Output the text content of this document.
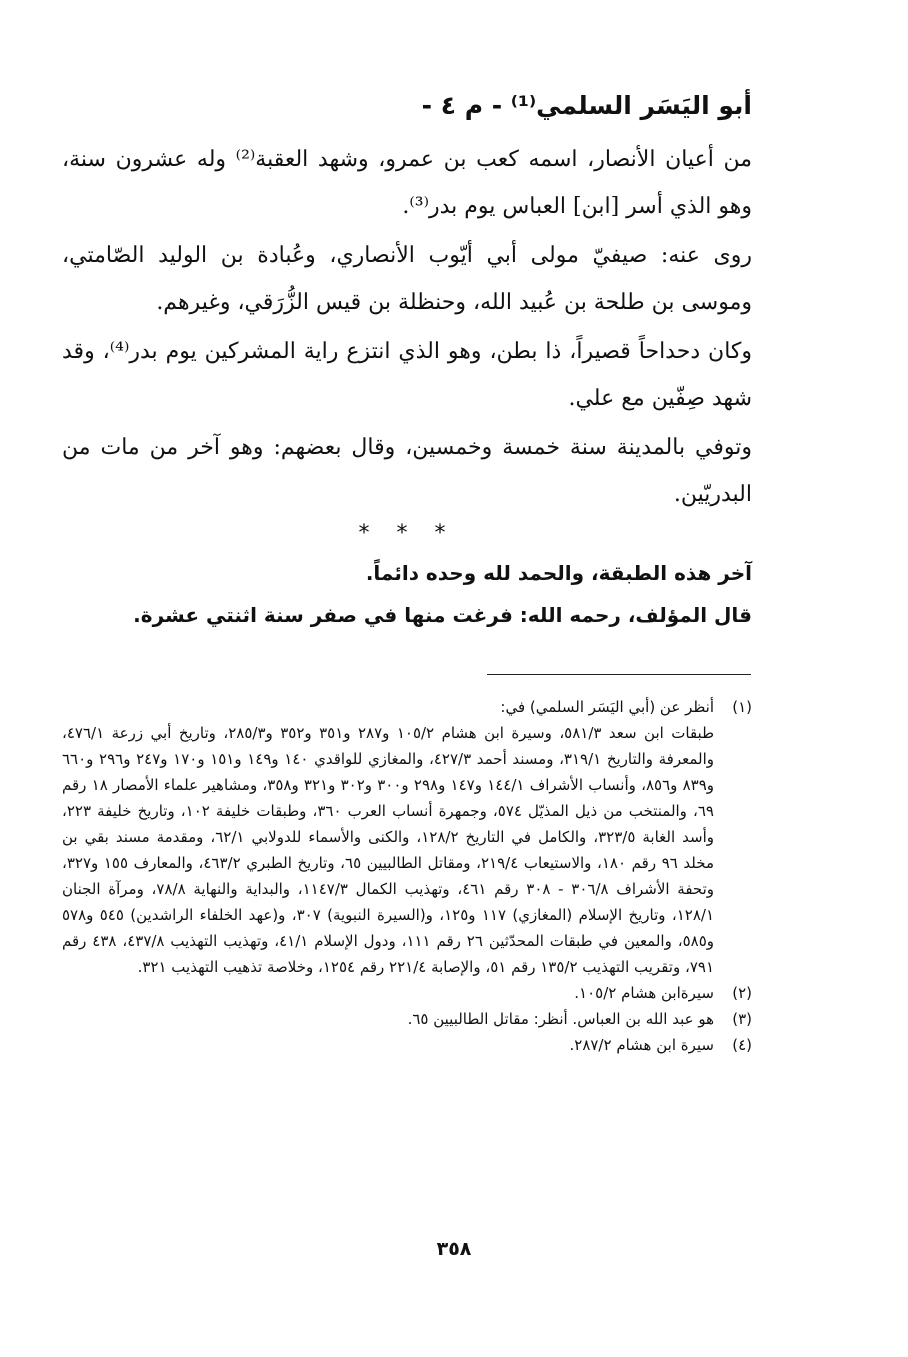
أبو اليَسَر السلمي⁽¹⁾ - م ٤ -

من أعيان الأنصار، اسمه كعب بن عمرو، وشهد العقبة⁽²⁾ وله عشرون سنة، وهو الذي أسر [ابن] العباس يوم بدر⁽³⁾.

روى عنه: صيفيّ مولى أبي أيّوب الأنصاري، وعُبادة بن الوليد الصّامتي، وموسى بن طلحة بن عُبيد الله، وحنظلة بن قيس الزُّرَقي، وغيرهم.

وكان دحداحاً قصيراً، ذا بطن، وهو الذي انتزع راية المشركين يوم بدر⁽⁴⁾، وقد شهد صِفّين مع علي.

وتوفي بالمدينة سنة خمسة وخمسين، وقال بعضهم: وهو آخر من مات من البدريّين.

* * *

آخر هذه الطبقة، والحمد لله وحده دائماً.

قال المؤلف، رحمه الله: فرغت منها في صفر سنة اثنتي عشرة.

(١)
أنظر عن (أبي اليَسَر السلمي) في:
طبقات ابن سعد ٥٨١/٣، وسيرة ابن هشام ١٠٥/٢ و٢٨٧ و٣٥١ و٣٥٢ و٢٨٥/٣، وتاريخ أبي زرعة ٤٧٦/١، والمعرفة والتاريخ ٣١٩/١، ومسند أحمد ٤٢٧/٣، والمغازي للواقدي ١٤٠ و١٤٩ و١٥١ و١٧٠ و٢٤٧ و٢٩٦ و٦٦٠ و٨٣٩ و٨٥٦، وأنساب الأشراف ١٤٤/١ و١٤٧ و٢٩٨ و٣٠٠ و٣٠٢ و٣٢١ و٣٥٨، ومشاهير علماء الأمصار ١٨ رقم ٦٩، والمنتخب من ذيل المذيّل ٥٧٤، وجمهرة أنساب العرب ٣٦٠، وطبقات خليفة ١٠٢، وتاريخ خليفة ٢٢٣، وأسد الغابة ٣٢٣/٥، والكامل في التاريخ ١٢٨/٢، والكنى والأسماء للدولابي ٦٢/١، ومقدمة مسند بقي بن مخلد ٩٦ رقم ١٨٠، والاستيعاب ٢١٩/٤، ومقاتل الطالبيين ٦٥، وتاريخ الطبري ٤٦٣/٢، والمعارف ١٥٥ و٣٢٧، وتحفة الأشراف ٣٠٦/٨ - ٣٠٨ رقم ٤٦١، وتهذيب الكمال ١١٤٧/٣، والبداية والنهاية ٧٨/٨، ومرآة الجنان ١٢٨/١، وتاريخ الإسلام (المغازي) ١١٧ و١٢٥، و(السيرة النبوية) ٣٠٧، و(عهد الخلفاء الراشدين) ٥٤٥ و٥٧٨ و٥٨٥، والمعين في طبقات المحدّثين ٢٦ رقم ١١١، ودول الإسلام ٤١/١، وتهذيب التهذيب ٤٣٧/٨، ٤٣٨ رقم ٧٩١، وتقريب التهذيب ١٣٥/٢ رقم ٥١، والإصابة ٢٢١/٤ رقم ١٢٥٤، وخلاصة تذهيب التهذيب ٣٢١.
(٢)
سيرةابن هشام ١٠٥/٢.
(٣)
هو عبد الله بن العباس. أنظر: مقاتل الطالبيين ٦٥.
(٤)
سيرة ابن هشام ٢٨٧/٢.
٣٥٨
